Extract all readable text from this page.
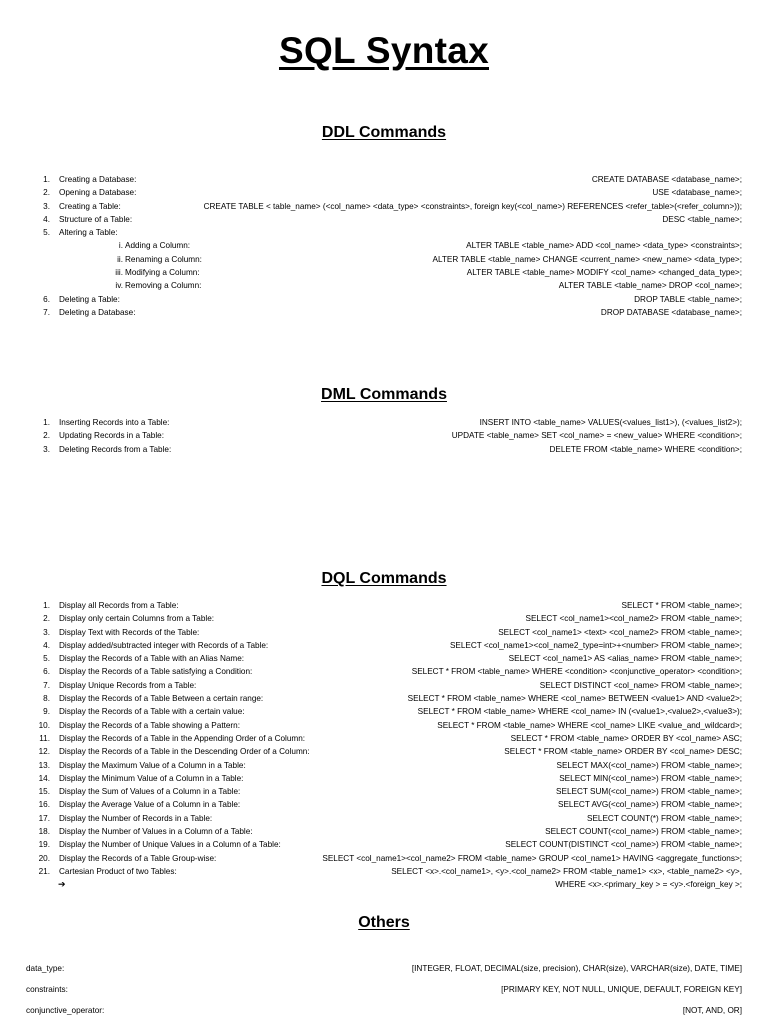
SQL Syntax
DDL Commands
1. Creating a Database:	CREATE DATABASE <database_name>;
2. Opening a Database:	USE <database_name>;
3. Creating a Table:	CREATE TABLE < table_name> (<col_name> <data_type> <constraints>, foreign key(<col_name>) REFERENCES <refer_table>(<refer_column>));
4. Structure of a Table:	DESC <table_name>;
5. Altering a Table:
i. Adding a Column:	ALTER TABLE <table_name> ADD <col_name> <data_type> <constraints>;
ii. Renaming a Column:	ALTER TABLE <table_name> CHANGE <current_name> <new_name> <data_type>;
iii. Modifying a Column:	ALTER TABLE <table_name> MODIFY <col_name> <changed_data_type>;
iv. Removing a Column:	ALTER TABLE <table_name> DROP <col_name>;
6. Deleting a Table:	DROP TABLE <table_name>;
7. Deleting a Database:	DROP DATABASE <database_name>;
DML Commands
1. Inserting Records into a Table:	INSERT INTO <table_name> VALUES(<values_list1>), (<values_list2>);
2. Updating Records in a Table:	UPDATE <table_name> SET <col_name> = <new_value> WHERE <condition>;
3. Deleting Records from a Table:	DELETE FROM <table_name> WHERE <condition>;
DQL Commands
1. Display all Records from a Table:	SELECT * FROM <table_name>;
2. Display only certain Columns from a Table:	SELECT <col_name1><col_name2> FROM <table_name>;
3. Display Text with Records of the Table:	SELECT <col_name1> <text> <col_name2> FROM <table_name>;
4. Display added/subtracted integer with Records of a Table:	SELECT <col_name1><col_name2_type=int>+<number> FROM <table_name>;
5. Display the Records of a Table with an Alias Name:	SELECT <col_name1> AS <alias_name> FROM <table_name>;
6. Display the Records of a Table satisfying a Condition:	SELECT * FROM <table_name> WHERE <condition> <conjunctive_operator> <condition>;
7. Display Unique Records from a Table:	SELECT DISTINCT <col_name> FROM <table_name>;
8. Display the Records of a Table Between a certain range:	SELECT * FROM <table_name> WHERE <col_name> BETWEEN <value1> AND <value2>;
9. Display the Records of a Table with a certain value:	SELECT * FROM <table_name> WHERE <col_name> IN (<value1>,<value2>,<value3>);
10. Display the Records of a Table showing a Pattern:	SELECT * FROM <table_name> WHERE <col_name> LIKE <value_and_wildcard>;
11. Display the Records of a Table in the Appending Order of a Column:	SELECT * FROM <table_name> ORDER BY <col_name> ASC;
12. Display the Records of a Table in the Descending Order of a Column:	SELECT * FROM <table_name> ORDER BY <col_name> DESC;
13. Display the Maximum Value of a Column in a Table:	SELECT MAX(<col_name>) FROM <table_name>;
14. Display the Minimum Value of a Column in a Table:	SELECT MIN(<col_name>) FROM <table_name>;
15. Display the Sum of Values of a Column in a Table:	SELECT SUM(<col_name>) FROM <table_name>;
16. Display the Average Value of a Column in a Table:	SELECT AVG(<col_name>) FROM <table_name>;
17. Display the Number of Records in a Table:	SELECT COUNT(*) FROM <table_name>;
18. Display the Number of Values in a Column of a Table:	SELECT COUNT(<col_name>) FROM <table_name>;
19. Display the Number of Unique Values in a Column of a Table:	SELECT COUNT(DISTINCT <col_name>) FROM <table_name>;
20. Display the Records of a Table Group-wise:	SELECT <col_name1><col_name2> FROM <table_name> GROUP <col_name1> HAVING <aggregate_functions>;
21. Cartesian Product of two Tables:	SELECT <x>.<col_name1>, <y>.<col_name2> FROM <table_name1> <x>, <table_name2> <y>,
➔	WHERE <x>.<primary_key > = <y>.<foreign_key >;
Others
data_type:	[INTEGER, FLOAT, DECIMAL(size, precision), CHAR(size), VARCHAR(size), DATE, TIME]
constraints:	[PRIMARY KEY, NOT NULL, UNIQUE, DEFAULT, FOREIGN KEY]
conjunctive_operator:	[NOT, AND, OR]
